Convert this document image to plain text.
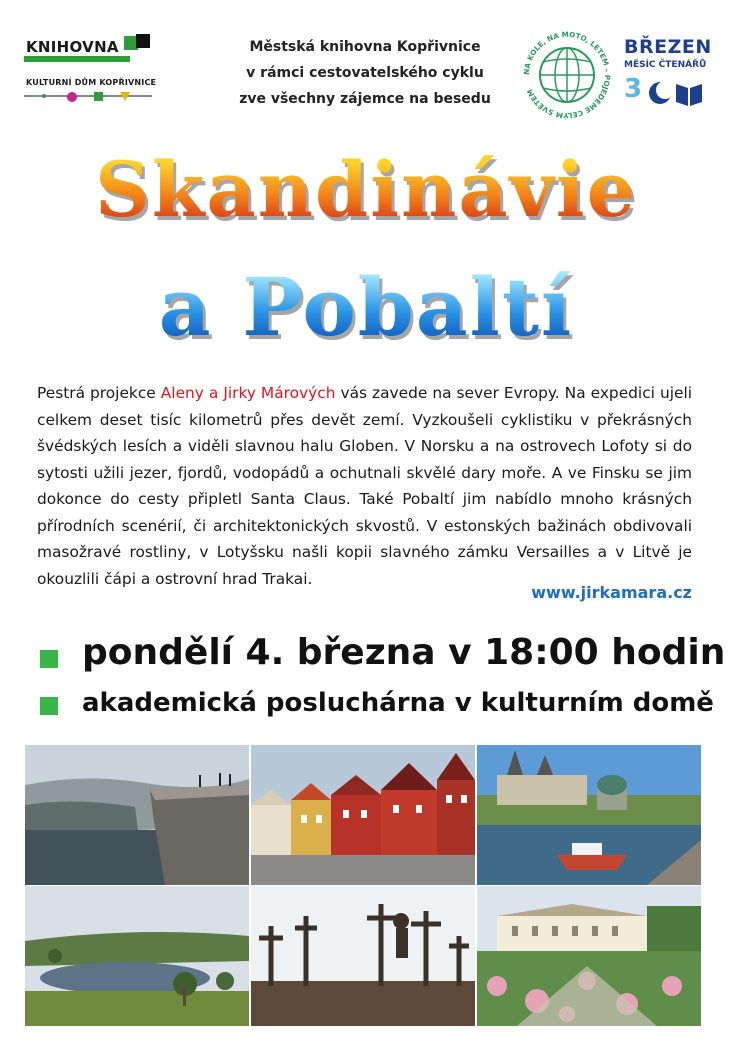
KNIHOVNA
KULTURNÍ DŮM KOPŘIVNICE
Městská knihovna Kopřivnice
v rámci cestovatelského cyklu
zve všechny zájemce na besedu
NA KOLE, NA MOTO, LETEM – POJEDEME CELÝM SVĚTEM
BŘEZEN
MĚSÍC ČTENÁŘŮ
3
Skandinávie
a Pobaltí
Pestrá projekce Aleny a Jirky Márových vás zavede na sever Evropy. Na expedici ujeli celkem deset tisíc kilometrů přes devět zemí. Vyzkoušeli cyklistiku v překrásných švédských lesích a viděli slavnou halu Globen. V Norsku a na ostrovech Lofoty si do sytosti užili jezer, fjordů, vodopádů a ochutnali skvělé dary moře. A ve Finsku se jim dokonce do cesty připletl Santa Claus. Také Pobaltí jim nabídlo mnoho krásných přírodních scenérií, či architektonických skvostů. V estonských bažinách obdivovali masožravé rostliny, v Lotyšsku našli kopii slavného zámku Versailles a v Litvě je okouzlili čápi a ostrovní hrad Trakai.
www.jirkamara.cz
pondělí 4. března v 18:00 hodin
akademická posluchárna v kulturním domě
